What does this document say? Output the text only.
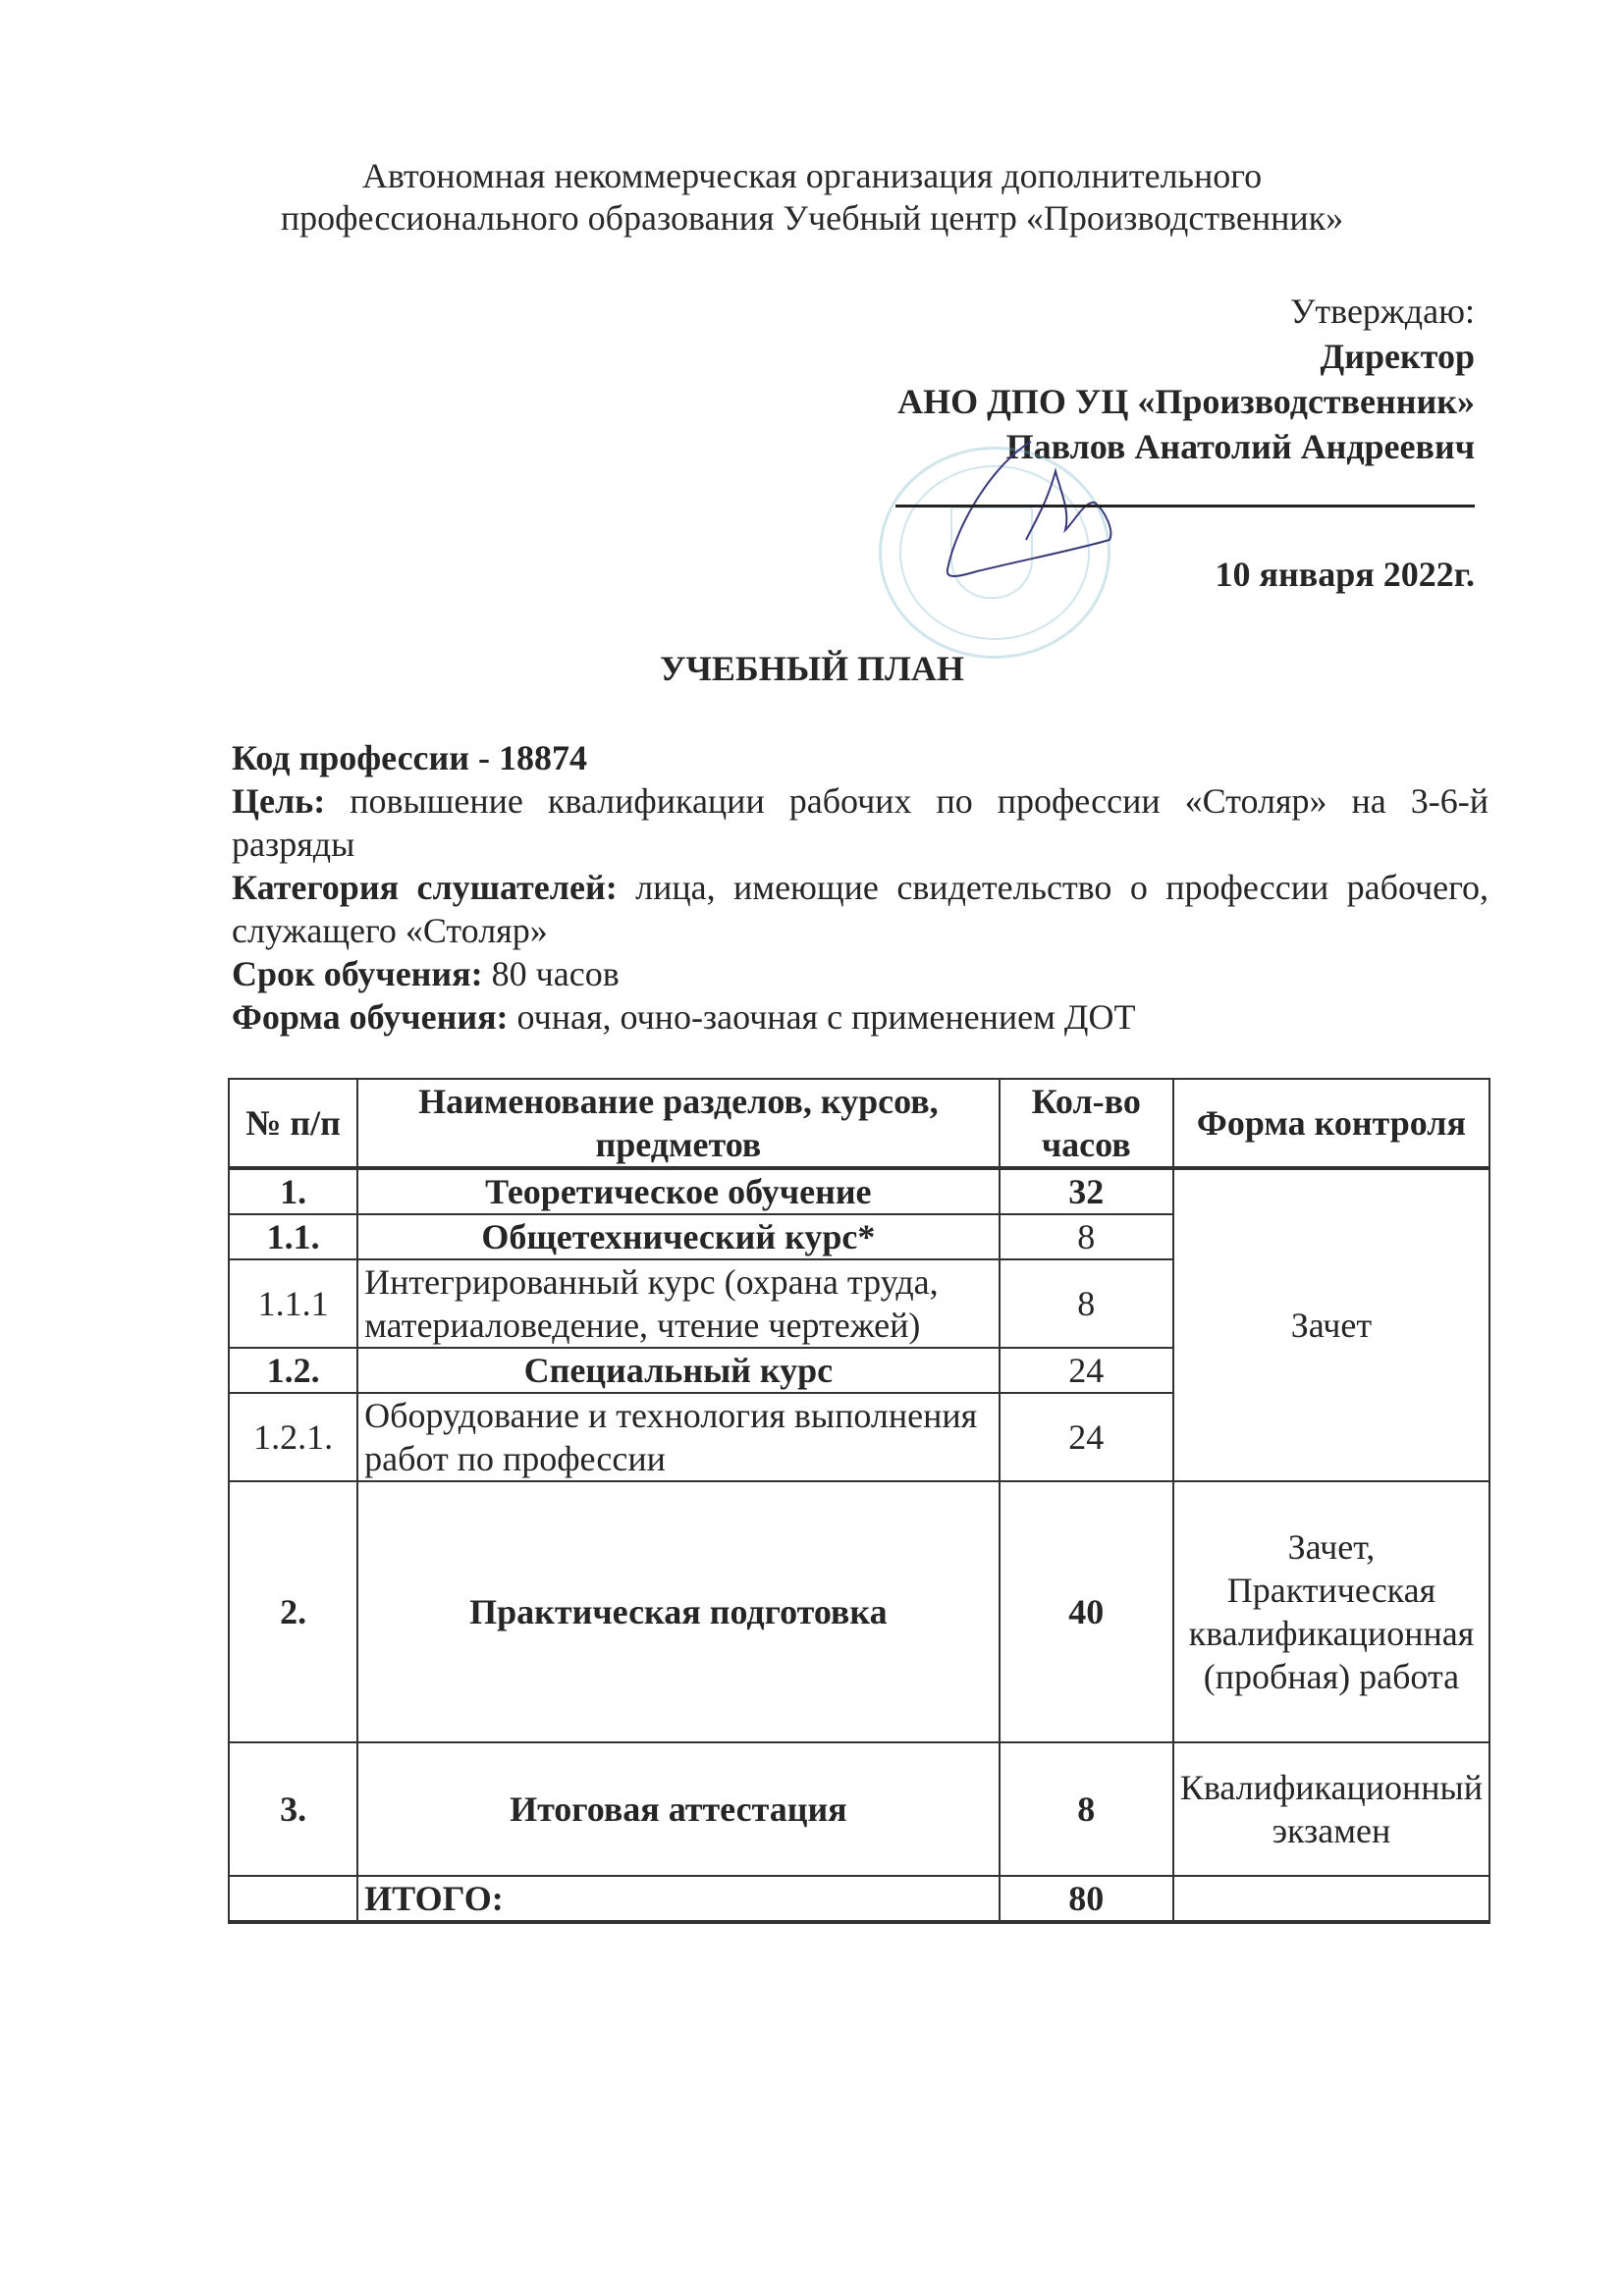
Автономная некоммерческая организация дополнительного
профессионального образования Учебный центр «Производственник»
Утверждаю:
Директор
АНО ДПО УЦ «Производственник»
Павлов Анатолий Андреевич
10 января 2022г.
УЧЕБНЫЙ ПЛАН

Код профессии - 18874

Цель: повышение квалификации рабочих по профессии «Столяр» на 3-6-й разряды

Категория слушателей: лица, имеющие свидетельство о профессии рабочего, служащего «Столяр»

Срок обучения: 80 часов

Форма обучения: очная, очно-заочная с применением ДОТ

№ п/п	Наименование разделов, курсов, предметов	Кол-во часов	Форма контроля
1.	Теоретическое обучение	32	Зачет
1.1.	Общетехнический курс*	8	
1.1.1	Интегрированный курс (охрана труда, материаловедение, чтение чертежей)	8	
1.2.	Специальный курс	24	
1.2.1.	Оборудование и технология выполнения работ по профессии	24	
2.	Практическая подготовка	40	Зачет, Практическая квалификационная (пробная) работа
3.	Итоговая аттестация	8	Квалификационный экзамен
	ИТОГО:	80	
